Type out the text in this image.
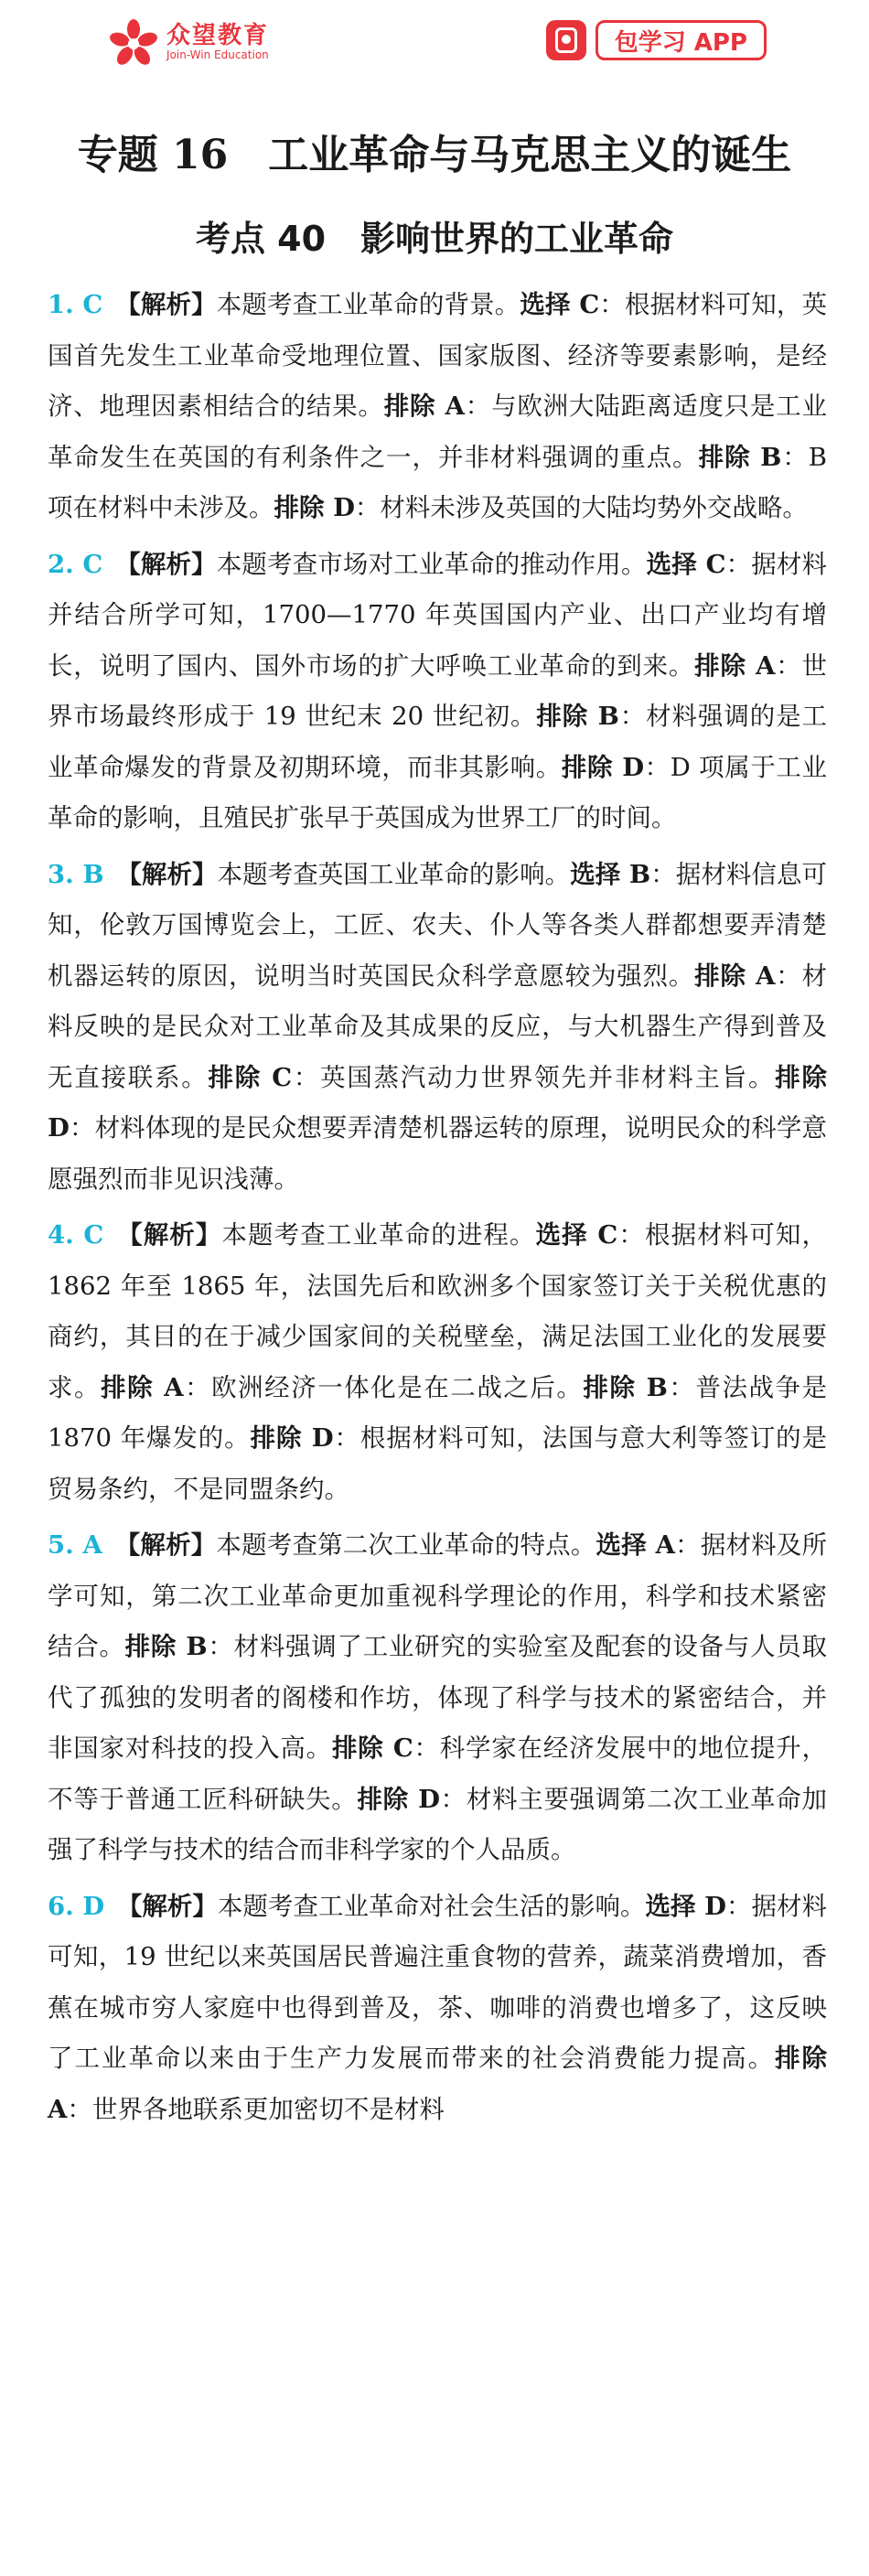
众望教育
Join-Win Education	包学习 APP
专题 16　工业革命与马克思主义的诞生
考点 40　影响世界的工业革命

1. C  【解析】本题考查工业革命的背景。选择 C：根据材料可知，英国首先发生工业革命受地理位置、国家版图、经济等要素影响，是经济、地理因素相结合的结果。排除 A：与欧洲大陆距离适度只是工业革命发生在英国的有利条件之一，并非材料强调的重点。排除 B：B 项在材料中未涉及。排除 D：材料未涉及英国的大陆均势外交战略。

2. C  【解析】本题考查市场对工业革命的推动作用。选择 C：据材料并结合所学可知，1700—1770 年英国国内产业、出口产业均有增长，说明了国内、国外市场的扩大呼唤工业革命的到来。排除 A：世界市场最终形成于 19 世纪末 20 世纪初。排除 B：材料强调的是工业革命爆发的背景及初期环境，而非其影响。排除 D：D 项属于工业革命的影响，且殖民扩张早于英国成为世界工厂的时间。

3. B  【解析】本题考查英国工业革命的影响。选择 B：据材料信息可知，伦敦万国博览会上，工匠、农夫、仆人等各类人群都想要弄清楚机器运转的原因，说明当时英国民众科学意愿较为强烈。排除 A：材料反映的是民众对工业革命及其成果的反应，与大机器生产得到普及无直接联系。排除 C：英国蒸汽动力世界领先并非材料主旨。排除 D：材料体现的是民众想要弄清楚机器运转的原理，说明民众的科学意愿强烈而非见识浅薄。

4. C  【解析】本题考查工业革命的进程。选择 C：根据材料可知，1862 年至 1865 年，法国先后和欧洲多个国家签订关于关税优惠的商约，其目的在于减少国家间的关税壁垒，满足法国工业化的发展要求。排除 A：欧洲经济一体化是在二战之后。排除 B：普法战争是 1870 年爆发的。排除 D：根据材料可知，法国与意大利等签订的是贸易条约，不是同盟条约。

5. A  【解析】本题考查第二次工业革命的特点。选择 A：据材料及所学可知，第二次工业革命更加重视科学理论的作用，科学和技术紧密结合。排除 B：材料强调了工业研究的实验室及配套的设备与人员取代了孤独的发明者的阁楼和作坊，体现了科学与技术的紧密结合，并非国家对科技的投入高。排除 C：科学家在经济发展中的地位提升，不等于普通工匠科研缺失。排除 D：材料主要强调第二次工业革命加强了科学与技术的结合而非科学家的个人品质。

6. D  【解析】本题考查工业革命对社会生活的影响。选择 D：据材料可知，19 世纪以来英国居民普遍注重食物的营养，蔬菜消费增加，香蕉在城市穷人家庭中也得到普及，茶、咖啡的消费也增多了，这反映了工业革命以来由于生产力发展而带来的社会消费能力提高。排除 A：世界各地联系更加密切不是材料
